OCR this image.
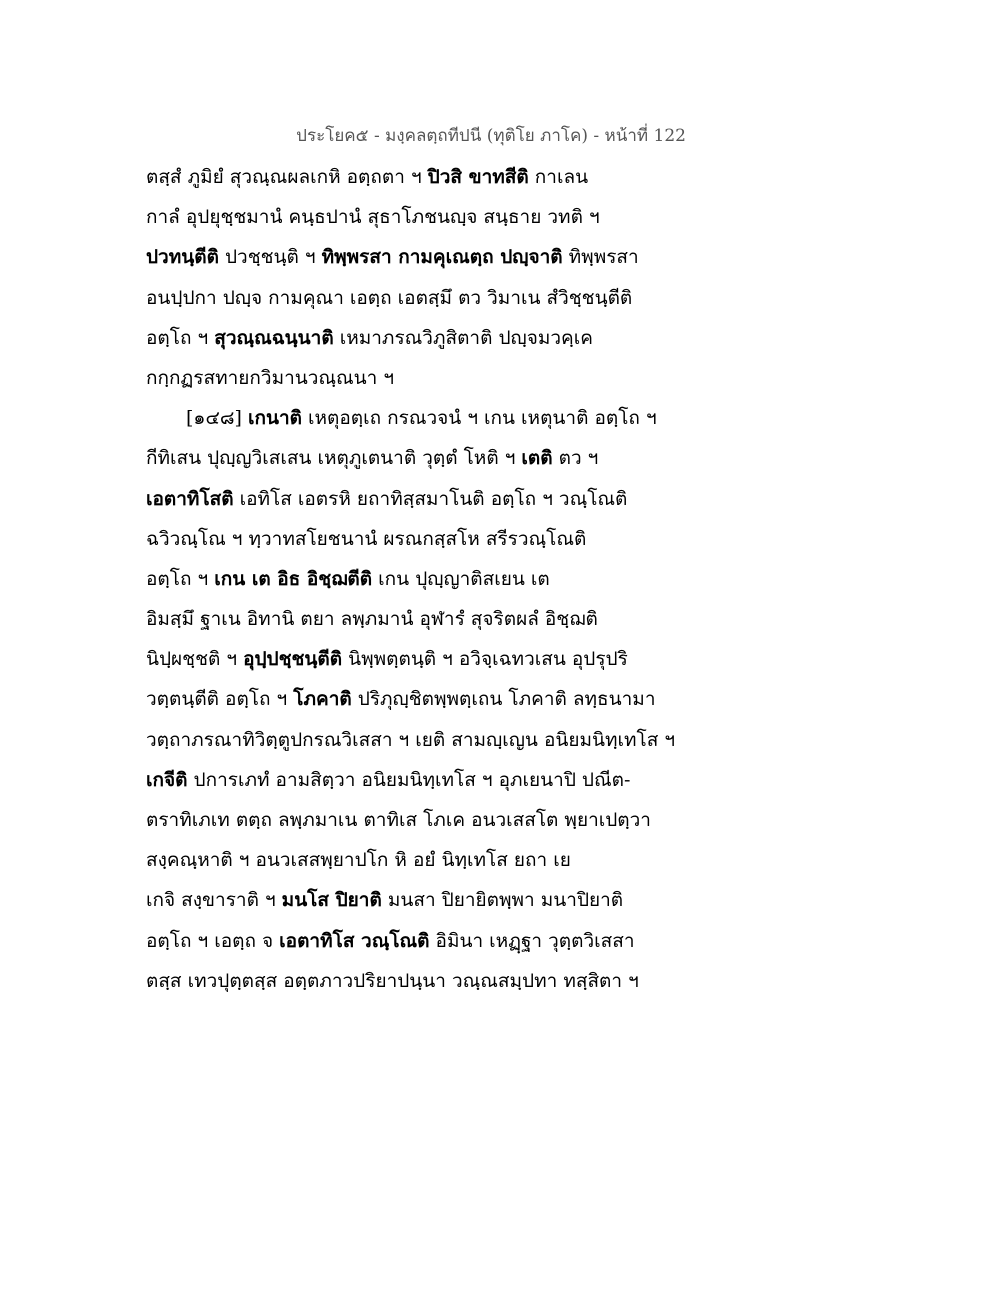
ประโยค๕ - มงฺคลตฺถทีปนี (ทุติโย ภาโค) - หน้าที่ 122
ตสฺสํ ภูมิยํ สุวณฺณผลเกหิ อตฺถตา ฯ ปิวสิ ขาทสีติ กาเลน
กาลํ อุปยุชฺชมานํ คนฺธปานํ สุธาโภชนญฺจ สนฺธาย วทติ ฯ
ปวทนฺตีติ ปวชฺชนฺติ ฯ ทิพฺพรสา กามคุเณตฺถ ปญฺจาติ ทิพฺพรสา
อนปฺปกา ปญฺจ กามคุณา เอตฺถ เอตสฺมึ ตว วิมาเน สํวิชฺชนฺตีติ
อตฺโถ ฯ สุวณฺณฉนฺนาติ เหมาภรณวิภูสิตาติ ปญฺจมวคฺเค
กกฺกฏรสทายกวิมานวณฺณนา ฯ
[๑๔๘] เกนาติ เหตุอตฺเถ กรณวจนํ ฯ เกน เหตุนาติ อตฺโถ ฯ
กีทิเสน ปุญฺญวิเสเสน เหตุภูเตนาติ วุตฺตํ โหติ ฯ เตติ ตว ฯ
เอตาทิโสติ เอทิโส เอตรหิ ยถาทิสฺสมาโนติ อตฺโถ ฯ วณฺโณติ
ฉวิวณฺโณ ฯ ทฺวาทสโยชนานํ ผรณกสฺสโห สรีรวณฺโณติ
อตฺโถ ฯ เกน เต อิธ อิชฺฌตีติ เกน ปุญฺญาติสเยน เต
อิมสฺมึ ฐาเน อิทานิ ตยา ลพฺภมานํ อุฬารํ สุจริตผลํ อิชฺฌติ
นิปฺผชฺชติ ฯ อุปฺปชฺชนฺตีติ นิพฺพตฺตนฺติ ฯ อวิจฺเฉทวเสน อุปรุปริ
วตฺตนฺตีติ อตฺโถ ฯ โภคาติ ปริภุญฺชิตพฺพตฺเถน โภคาติ ลทฺธนามา
วตฺถาภรณาทิวิตฺตูปกรณวิเสสา ฯ เยติ สามญฺเญน อนิยมนิทฺเทโส ฯ
เกจีติ ปการเภทํ อามสิตฺวา อนิยมนิทฺเทโส ฯ อุภเยนาปิ ปณีต-
ตราทิเภเท ตตฺถ ลพฺภมาเน ตาทิเส โภเค อนวเสสโต พฺยาเปตฺวา
สงฺคณฺหาติ ฯ อนวเสสพฺยาปโก หิ อยํ นิทฺเทโส ยถา เย
เกจิ สงฺขาราติ ฯ มนโส ปิยาติ มนสา ปิยายิตพฺพา มนาปิยาติ
อตฺโถ ฯ เอตฺถ จ เอตาทิโส วณฺโณติ อิมินา เหฏฺฐา วุตฺตวิเสสา
ตสฺส เทวปุตฺตสฺส อตฺตภาวปริยาปนฺนา วณฺณสมฺปทา ทสฺสิตา ฯ
